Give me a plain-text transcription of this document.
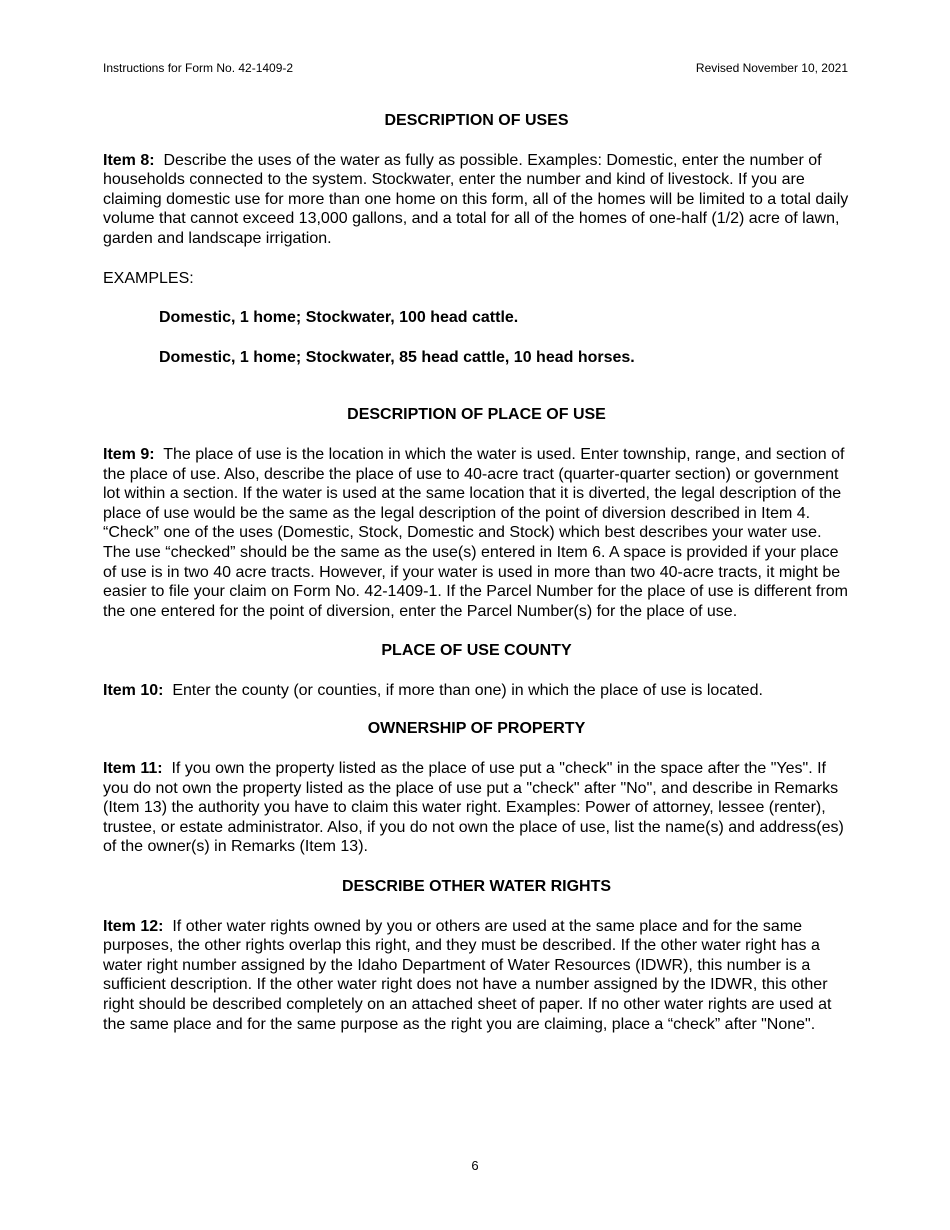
Instructions for Form No. 42-1409-2	Revised November 10, 2021
DESCRIPTION OF USES

Item 8: Describe the uses of the water as fully as possible. Examples: Domestic, enter the number of households connected to the system. Stockwater, enter the number and kind of livestock. If you are claiming domestic use for more than one home on this form, all of the homes will be limited to a total daily volume that cannot exceed 13,000 gallons, and a total for all of the homes of one-half (1/2) acre of lawn, garden and landscape irrigation.

EXAMPLES:

Domestic, 1 home; Stockwater, 100 head cattle.

Domestic, 1 home; Stockwater, 85 head cattle, 10 head horses.

DESCRIPTION OF PLACE OF USE

Item 9: The place of use is the location in which the water is used. Enter township, range, and section of the place of use. Also, describe the place of use to 40-acre tract (quarter-quarter section) or government lot within a section. If the water is used at the same location that it is diverted, the legal description of the place of use would be the same as the legal description of the point of diversion described in Item 4. “Check” one of the uses (Domestic, Stock, Domestic and Stock) which best describes your water use. The use “checked” should be the same as the use(s) entered in Item 6. A space is provided if your place of use is in two 40 acre tracts. However, if your water is used in more than two 40-acre tracts, it might be easier to file your claim on Form No. 42-1409-1. If the Parcel Number for the place of use is different from the one entered for the point of diversion, enter the Parcel Number(s) for the place of use.

PLACE OF USE COUNTY

Item 10: Enter the county (or counties, if more than one) in which the place of use is located.

OWNERSHIP OF PROPERTY

Item 11: If you own the property listed as the place of use put a "check" in the space after the "Yes". If you do not own the property listed as the place of use put a "check" after "No", and describe in Remarks (Item 13) the authority you have to claim this water right. Examples: Power of attorney, lessee (renter), trustee, or estate administrator. Also, if you do not own the place of use, list the name(s) and address(es) of the owner(s) in Remarks (Item 13).

DESCRIBE OTHER WATER RIGHTS

Item 12: If other water rights owned by you or others are used at the same place and for the same purposes, the other rights overlap this right, and they must be described. If the other water right has a water right number assigned by the Idaho Department of Water Resources (IDWR), this number is a sufficient description. If the other water right does not have a number assigned by the IDWR, this other right should be described completely on an attached sheet of paper. If no other water rights are used at the same place and for the same purpose as the right you are claiming, place a “check” after "None".

6
